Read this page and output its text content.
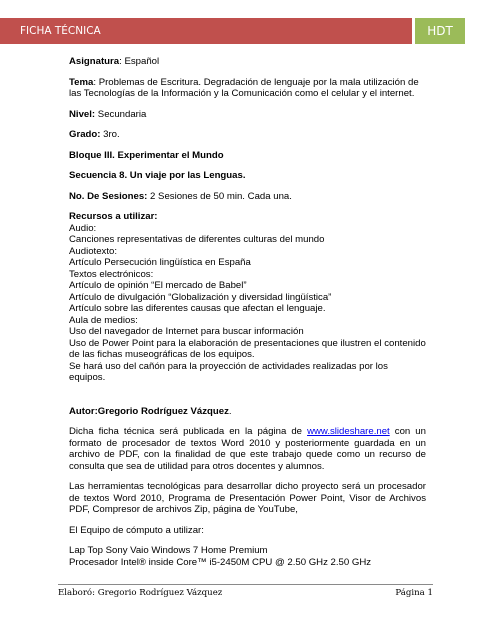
FICHA TÉCNICA	HDT
Asignatura: Español
Tema: Problemas de Escritura. Degradación de lenguaje por la mala utilización de las Tecnologías de la Información y la Comunicación como el celular y el internet.
Nivel: Secundaria
Grado: 3ro.
Bloque III. Experimentar el Mundo
Secuencia 8. Un viaje por las Lenguas.
No. De Sesiones: 2 Sesiones de 50 min. Cada una.
Recursos a utilizar:
Audio:
Canciones representativas de diferentes culturas del mundo
Audiotexto:
Artículo Persecución lingüística en España
Textos electrónicos:
Artículo de opinión “El mercado de Babel”
Artículo de divulgación “Globalización y diversidad lingüística”
Artículo sobre las diferentes causas que afectan el lenguaje.
Aula de medios:
Uso del navegador de Internet para buscar información
Uso de Power Point para la elaboración de presentaciones que ilustren el contenido de las fichas museográficas de los equipos.
Se hará uso del cañón para la proyección de actividades realizadas por los equipos.
Autor:Gregorio Rodríguez Vázquez.
Dicha ficha técnica será publicada en la página de www.slideshare.net con un formato de procesador de textos Word 2010 y posteriormente guardada en un archivo de PDF, con la finalidad de que este trabajo quede como un recurso de consulta que sea de utilidad para otros docentes y alumnos.
Las herramientas tecnológicas para desarrollar dicho proyecto será un procesador de textos Word 2010, Programa de Presentación Power Point, Visor de Archivos PDF, Compresor de archivos Zip, página de YouTube,
El Equipo de cómputo a utilizar:
Lap Top Sony Vaio Windows 7 Home Premium
Procesador Intel® inside Core™ i5-2450M CPU @ 2.50 GHz 2.50 GHz
Elaboró: Gregorio Rodríguez Vázquez	Página 1
